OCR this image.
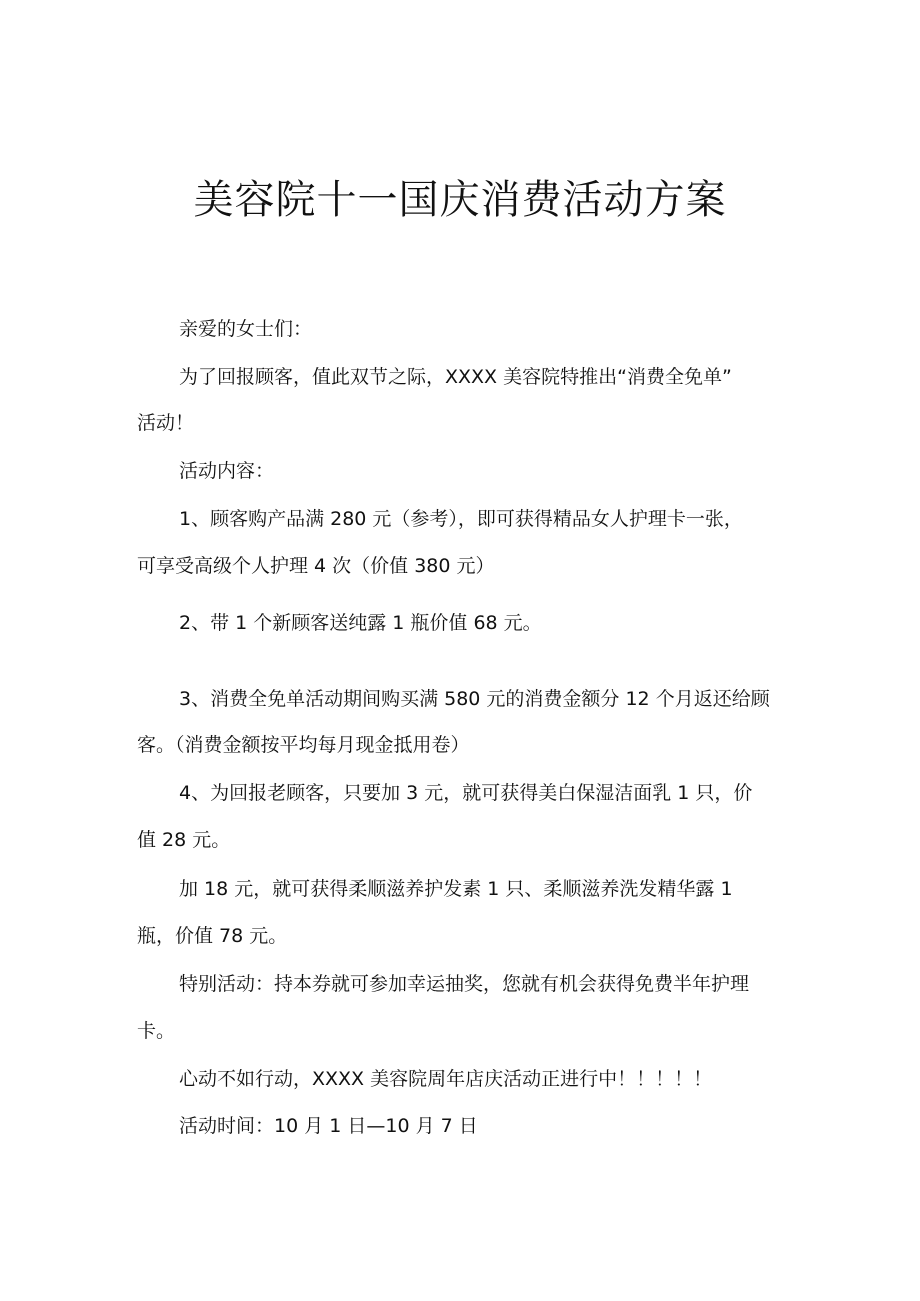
美容院十一国庆消费活动方案
亲爱的女士们：
为了回报顾客，值此双节之际，XXXX 美容院特推出“消费全免单”
活动！
活动内容：
1、顾客购产品满 280 元（参考），即可获得精品女人护理卡一张，
可享受高级个人护理 4 次（价值 380 元）
2、带 1 个新顾客送纯露 1 瓶价值 68 元。
3、消费全免单活动期间购买满 580 元的消费金额分 12 个月返还给顾
客。（消费金额按平均每月现金抵用卷）
4、为回报老顾客，只要加 3 元，就可获得美白保湿洁面乳 1 只，价
值 28 元。
加 18 元，就可获得柔顺滋养护发素 1 只、柔顺滋养洗发精华露 1
瓶，价值 78 元。
特别活动：持本券就可参加幸运抽奖，您就有机会获得免费半年护理
卡。
心动不如行动，XXXX 美容院周年店庆活动正进行中！！！！！
活动时间：10 月 1 日—10 月 7 日
